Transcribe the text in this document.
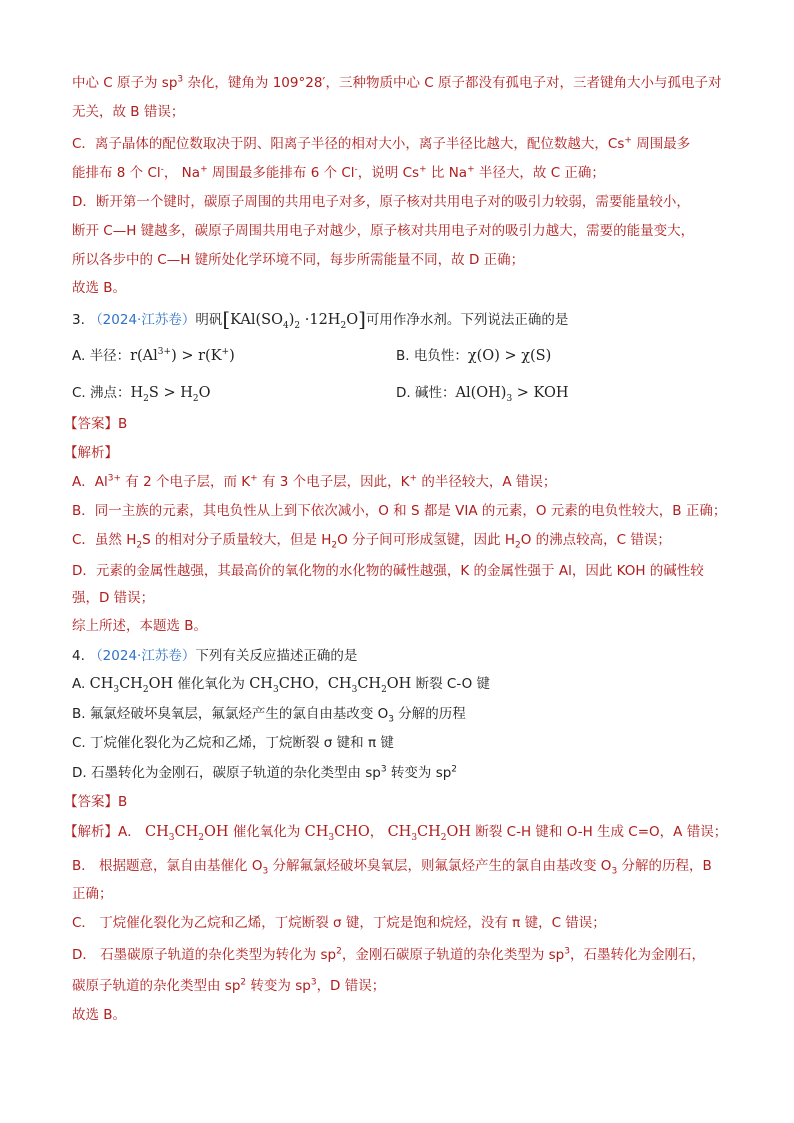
中心 C 原子为 $sp^3$ 杂化，键角为 109°28′，三种物质中心 C 原子都没有孤电子对，三者键角大小与孤电子对
无关，故 B 错误；
C．离子晶体的配位数取决于阴、阳离子半径的相对大小，离子半径比越大，配位数越大，Cs+ 周围最多
能排布 8 个 Cl-， Na+ 周围最多能排布 6 个 Cl-，说明 Cs+ 比 Na+ 半径大，故 C 正确；
D．断开第一个键时，碳原子周围的共用电子对多，原子核对共用电子对的吸引力较弱，需要能量较小，
断开 C—H 键越多，碳原子周围共用电子对越少，原子核对共用电子对的吸引力越大，需要的能量变大，
所以各步中的 C—H 键所处化学环境不同，每步所需能量不同，故 D 正确；
故选 B。
3. （2024·江苏卷）明矾$[KAl(SO_4)_2 \cdot 12H_2O]$可用作净水剂。下列说法正确的是
A. 半径：$r(Al^{3+}) > r(K^+)$	B. 电负性：χ(O) > χ(S)
C. 沸点：$H_2S > H_2O$	D. 碱性：$Al(OH)_3$ > KOH
【答案】B
【解析】
A．$Al^{3+}$ 有 2 个电子层，而 K+ 有 3 个电子层，因此，K+ 的半径较大，A 错误；
B．同一主族的元素，其电负性从上到下依次减小，O 和 S 都是 VIA 的元素，O 元素的电负性较大，B 正确；
C．虽然 $H_2S$ 的相对分子质量较大，但是 $H_2O$ 分子间可形成氢键，因此 $H_2O$ 的沸点较高，C 错误；
D．元素的金属性越强，其最高价的氧化物的水化物的碱性越强，K 的金属性强于 Al，因此 KOH 的碱性较
强，D 错误；
综上所述，本题选 B。
4. （2024·江苏卷）下列有关反应描述正确的是
A. $CH_3CH_2OH$ 催化氧化为 $CH_3CHO$，$CH_3CH_2OH$ 断裂 C-O 键
B. 氟氯烃破坏臭氧层，氟氯烃产生的氯自由基改变 $O_3$ 分解的历程
C. 丁烷催化裂化为乙烷和乙烯，丁烷断裂 σ 键和 π 键
D. 石墨转化为金刚石，碳原子轨道的杂化类型由 $sp^3$ 转变为 $sp^2$
【答案】B
【解析】A． $CH_3CH_2OH$ 催化氧化为 $CH_3CHO$， $CH_3CH_2OH$ 断裂 C-H 键和 O-H 生成 C=O，A 错误；
B． 根据题意，氯自由基催化 $O_3$ 分解氟氯烃破坏臭氧层，则氟氯烃产生的氯自由基改变 $O_3$ 分解的历程，B
正确；
C． 丁烷催化裂化为乙烷和乙烯，丁烷断裂 σ 键，丁烷是饱和烷烃，没有 π 键，C 错误；
D． 石墨碳原子轨道的杂化类型为转化为 $sp^2$，金刚石碳原子轨道的杂化类型为 $sp^3$，石墨转化为金刚石，
碳原子轨道的杂化类型由 $sp^2$ 转变为 $sp^3$，D 错误；
故选 B。
